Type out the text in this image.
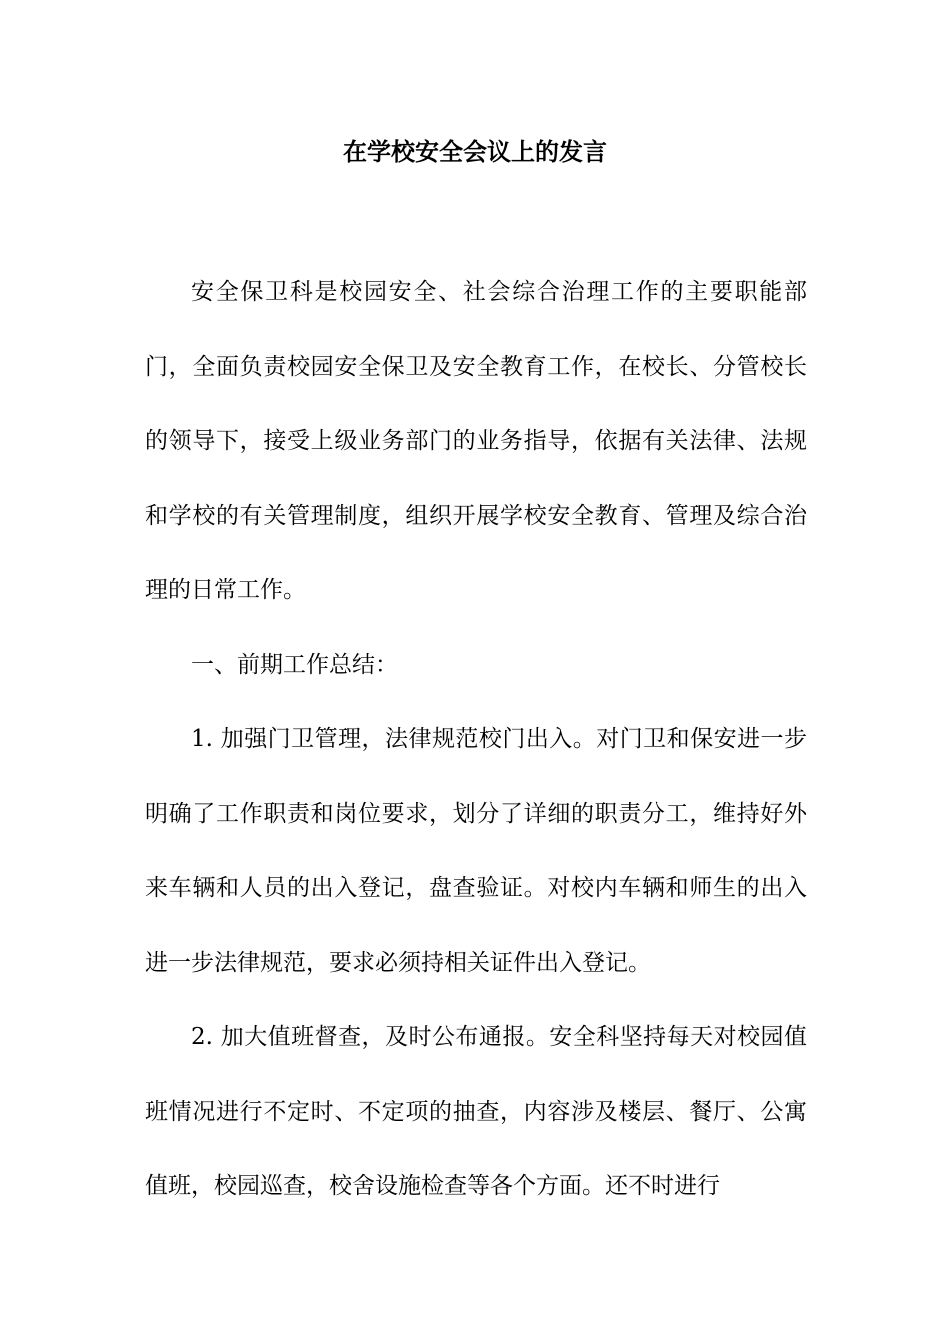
在学校安全会议上的发言

安全保卫科是校园安全、社会综合治理工作的主要职能部门，全面负责校园安全保卫及安全教育工作，在校长、分管校长的领导下，接受上级业务部门的业务指导，依据有关法律、法规和学校的有关管理制度，组织开展学校安全教育、管理及综合治理的日常工作。

一、前期工作总结：

1. 加强门卫管理，法律规范校门出入。对门卫和保安进一步明确了工作职责和岗位要求，划分了详细的职责分工，维持好外来车辆和人员的出入登记，盘查验证。对校内车辆和师生的出入进一步法律规范，要求必须持相关证件出入登记。

2. 加大值班督查，及时公布通报。安全科坚持每天对校园值班情况进行不定时、不定项的抽查，内容涉及楼层、餐厅、公寓值班，校园巡查，校舍设施检查等各个方面。还不时进行
